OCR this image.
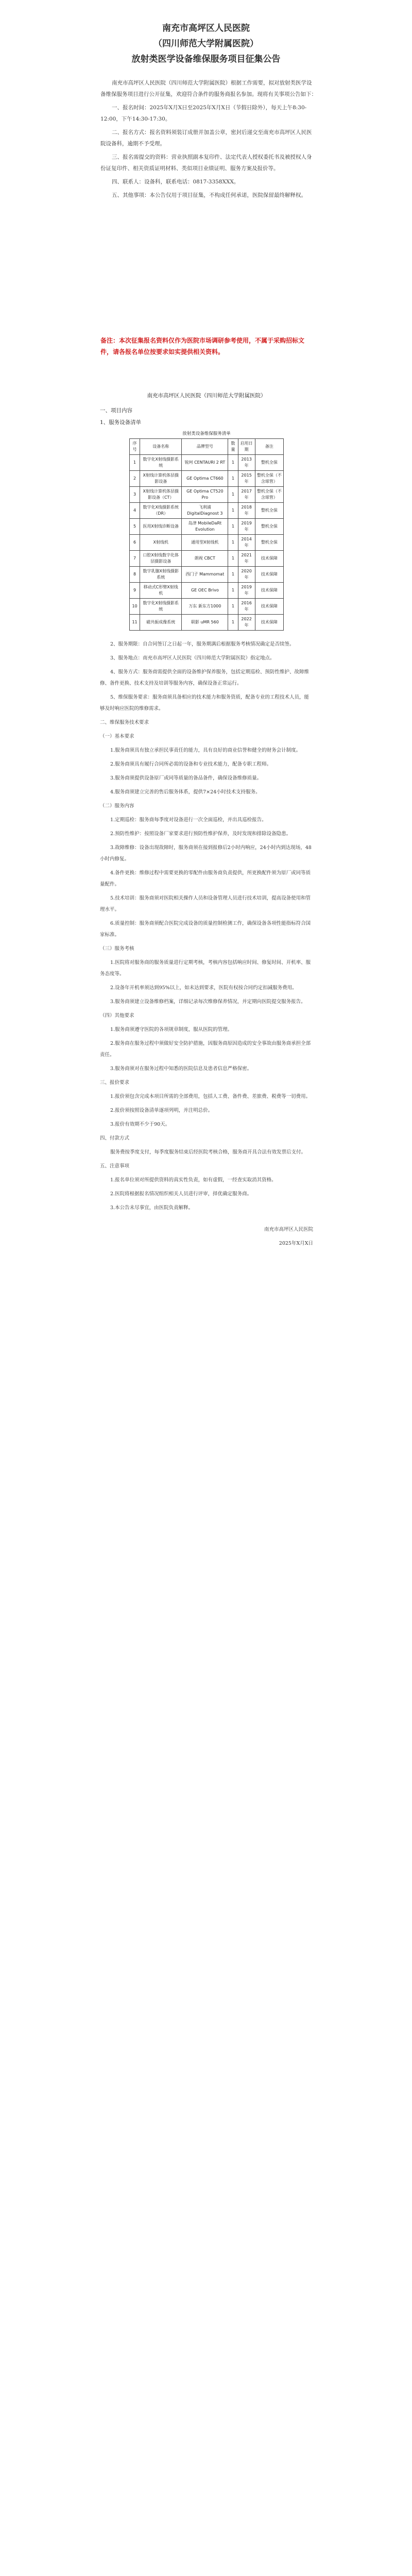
南充市高坪区人民医院
（四川师范大学附属医院）
放射类医学设备维保服务项目征集公告

南充市高坪区人民医院（四川师范大学附属医院）根据工作需要，拟对放射类医学设备维保服务项目进行公开征集，欢迎符合条件的服务商报名参加。现将有关事项公告如下：

一、报名时间：2025年X月X日至2025年X月X日（节假日除外），每天上午8:30-12:00，下午14:30-17:30。

二、报名方式：报名资料须装订成册并加盖公章，密封后递交至南充市高坪区人民医院设备科，逾期不予受理。

三、报名需提交的资料：营业执照副本复印件、法定代表人授权委托书及被授权人身份证复印件、相关资质证明材料、类似项目业绩证明、服务方案及报价等。

四、联系人：设备科，联系电话：0817-3358XXX。

五、其他事项：本公告仅用于项目征集，不构成任何承诺，医院保留最终解释权。

备注：本次征集报名资料仅作为医院市场调研参考使用，不属于采购招标文件，请各报名单位按要求如实提供相关资料。
南充市高坪区人民医院（四川师范大学附属医院）
一、项目内容
1、服务设备清单
放射类设备维保服务清单
序号	设备名称	品牌型号	数量	启用日期	备注
1	数字化X射线摄影系统	锐珂 CENTAURI 2 RT	1	2013年	整机全保
2	X射线计算机体层摄影设备	GE Optima CT660	1	2015年	整机全保（不含球管）
3	X射线计算机体层摄影设备（CT）	GE Optima CT520 Pro	1	2017年	整机全保（不含球管）
4	数字化X线摄影系统（DR）	飞利浦 DigitalDiagnost 3	1	2018年	整机全保
5	医用X射线诊断设备	岛津 MobileDaRt Evolution	1	2019年	整机全保
6	X射线机	通用型X射线机	1	2014年	整机全保
7	口腔X射线数字化体层摄影设备	朗视 CBCT	1	2021年	技术保障
8	数字乳腺X射线摄影系统	西门子 Mammomat	1	2020年	技术保障
9	移动式C形臂X射线机	GE OEC Brivo	1	2019年	技术保障
10	数字化X射线摄影系统	万东 新东方1000	1	2016年	技术保障
11	磁共振成像系统	联影 uMR 560	1	2022年	技术保障

2、服务期限：自合同签订之日起一年，服务期满后根据服务考核情况确定是否续签。

3、服务地点：南充市高坪区人民医院（四川师范大学附属医院）指定地点。

4、服务方式：服务商需提供全面的设备维护保养服务，包括定期巡检、预防性维护、故障维修、备件更换、技术支持及培训等服务内容，确保设备正常运行。

5、维保服务要求：服务商须具备相应的技术能力和服务资质，配备专业的工程技术人员，能够及时响应医院的维修需求。

二、维保服务技术要求

（一）基本要求

1.服务商须具有独立承担民事责任的能力，具有良好的商业信誉和健全的财务会计制度。

2.服务商须具有履行合同所必需的设备和专业技术能力，配备专职工程师。

3.服务商须提供设备原厂或同等质量的备品备件，确保设备维修质量。

4.服务商须建立完善的售后服务体系，提供7×24小时技术支持服务。

（二）服务内容

1.定期巡检：服务商每季度对设备进行一次全面巡检，并出具巡检报告。

2.预防性维护：按照设备厂家要求进行预防性维护保养，及时发现和排除设备隐患。

3.故障维修：设备出现故障时，服务商须在接到报修后2小时内响应，24小时内到达现场，48小时内修复。

4.备件更换：维修过程中需要更换的零配件由服务商负责提供，所更换配件须为原厂或同等质量配件。

5.技术培训：服务商须对医院相关操作人员和设备管理人员进行技术培训，提高设备使用和管理水平。

6.质量控制：服务商须配合医院完成设备的质量控制检测工作，确保设备各项性能指标符合国家标准。

（三）服务考核

1.医院将对服务商的服务质量进行定期考核，考核内容包括响应时间、修复时间、开机率、服务态度等。

2.设备年开机率须达到95%以上，如未达到要求，医院有权按合同约定扣减服务费用。

3.服务商须建立设备维修档案，详细记录每次维修保养情况，并定期向医院提交服务报告。

（四）其他要求

1.服务商须遵守医院的各项规章制度，服从医院的管理。

2.服务商在服务过程中须做好安全防护措施，因服务商原因造成的安全事故由服务商承担全部责任。

3.服务商须对在服务过程中知悉的医院信息及患者信息严格保密。

三、报价要求

1.报价须包含完成本项目所需的全部费用，包括人工费、备件费、差旅费、税费等一切费用。

2.报价须按照设备清单逐项列明，并注明总价。

3.报价有效期不少于90天。

四、付款方式

服务费按季度支付，每季度服务结束后经医院考核合格，服务商开具合法有效发票后支付。

五、注意事项

1.报名单位须对所提供资料的真实性负责，如有虚假，一经查实取消其资格。

2.医院将根据报名情况组织相关人员进行评审，择优确定服务商。

3.本公告未尽事宜，由医院负责解释。

南充市高坪区人民医院

2025年X月X日
